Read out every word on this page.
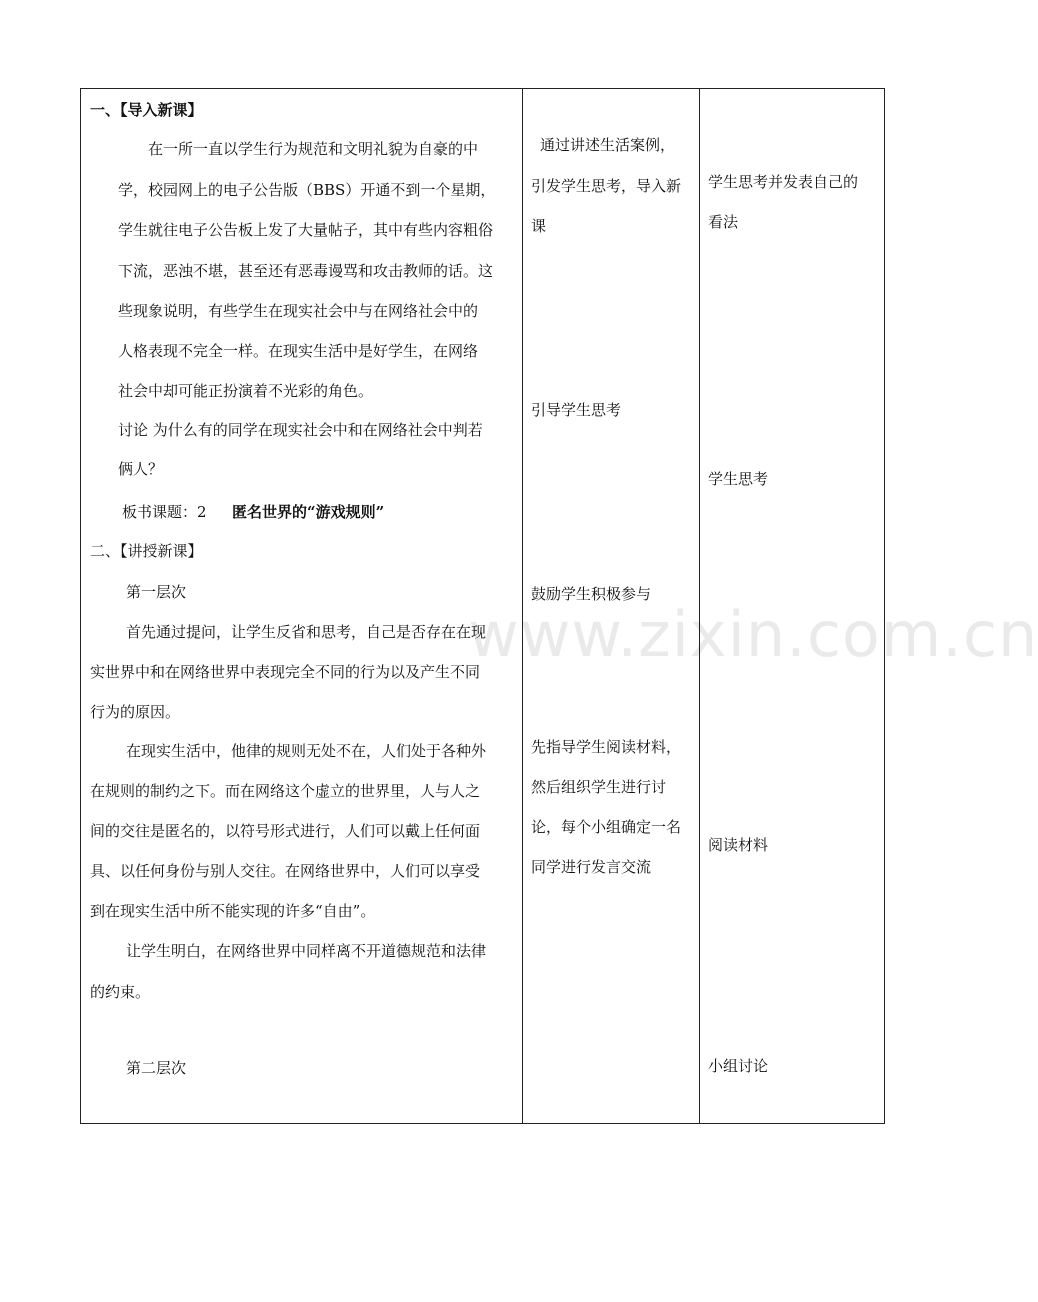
www.zixin.com.cn
一、【导入新课】
在一所一直以学生行为规范和文明礼貌为自豪的中
学，校园网上的电子公告版（BBS）开通不到一个星期，
学生就往电子公告板上发了大量帖子，其中有些内容粗俗
下流，恶浊不堪，甚至还有恶毒谩骂和攻击教师的话。这
些现象说明，有些学生在现实社会中与在网络社会中的
人格表现不完全一样。在现实生活中是好学生，在网络
社会中却可能正扮演着不光彩的角色。
讨论 为什么有的同学在现实社会中和在网络社会中判若
俩人？
板书课题：2 匿名世界的“游戏规则”
二、【讲授新课】
第一层次
首先通过提问，让学生反省和思考，自己是否存在在现
实世界中和在网络世界中表现完全不同的行为以及产生不同
行为的原因。
在现实生活中，他律的规则无处不在，人们处于各种外
在规则的制约之下。而在网络这个虚立的世界里，人与人之
间的交往是匿名的，以符号形式进行，人们可以戴上任何面
具、以任何身份与别人交往。在网络世界中，人们可以享受
到在现实生活中所不能实现的许多“自由”。
让学生明白，在网络世界中同样离不开道德规范和法律
的约束。
第二层次
通过讲述生活案例，
引发学生思考，导入新
课
引导学生思考
鼓励学生积极参与
先指导学生阅读材料，
然后组织学生进行讨
论，每个小组确定一名
同学进行发言交流
学生思考并发表自己的
看法
学生思考
阅读材料
小组讨论
